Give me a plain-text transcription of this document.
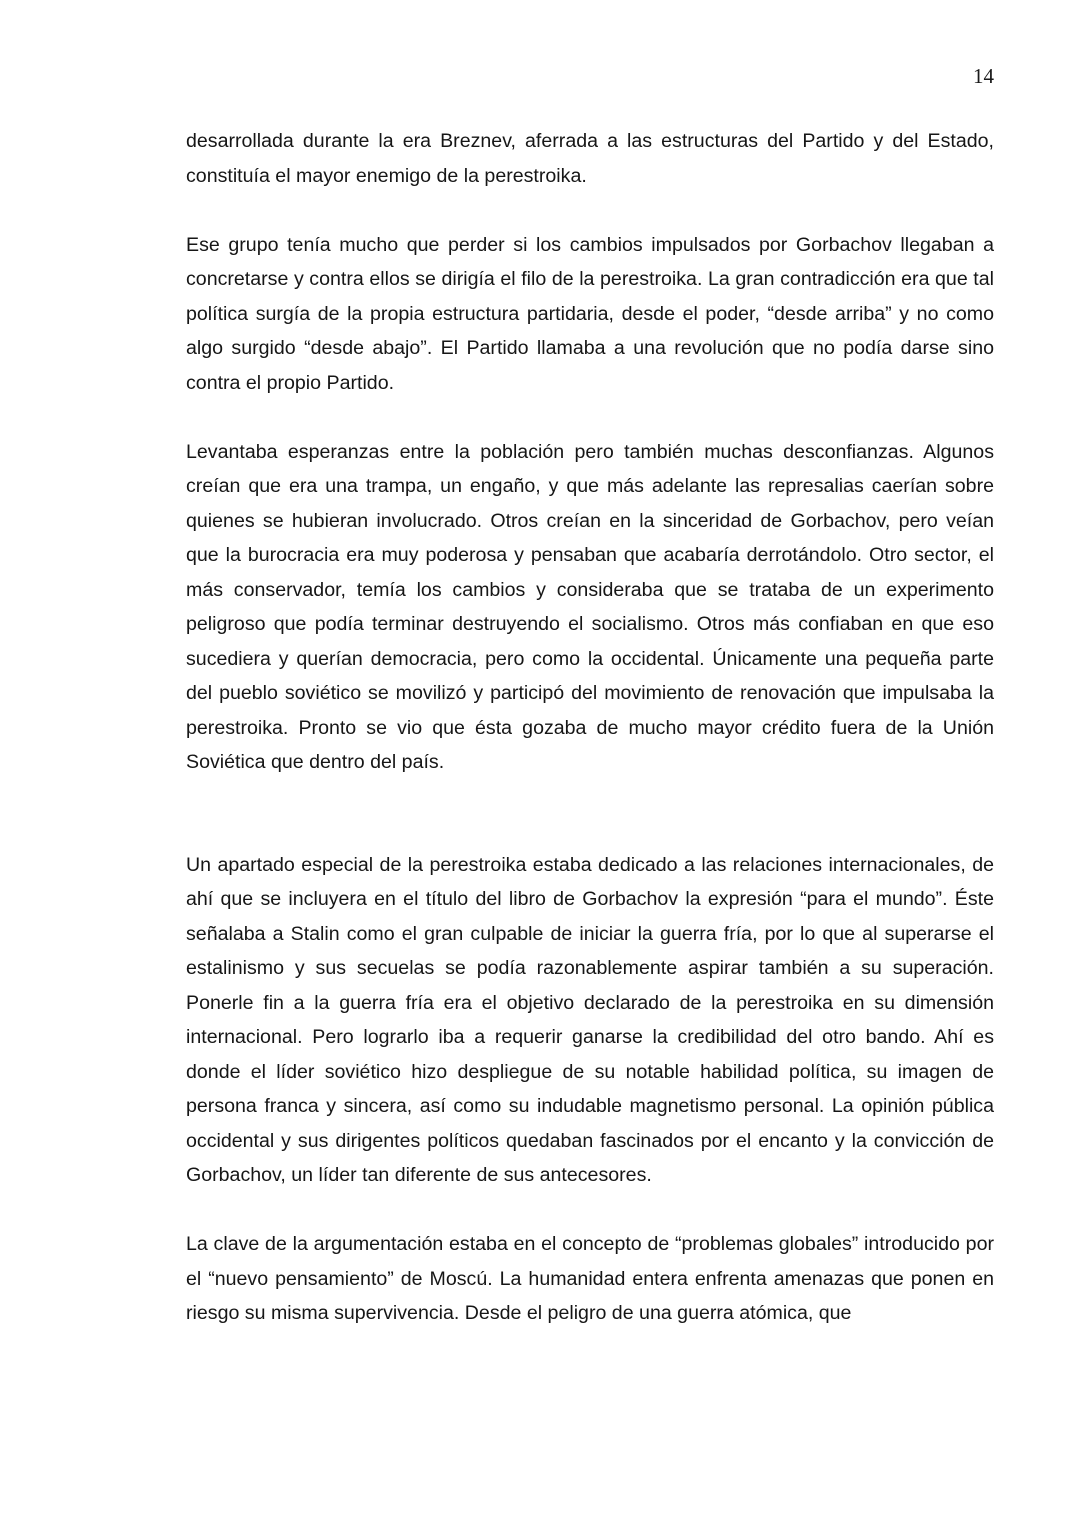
14

desarrollada durante la era Breznev, aferrada a las estructuras del Partido y del Estado, constituía el mayor enemigo de la perestroika.

Ese grupo tenía mucho que perder si los cambios impulsados por Gorbachov llegaban a concretarse y contra ellos se dirigía el filo de la perestroika. La gran contradicción era que tal política surgía de la propia estructura partidaria, desde el poder, “desde arriba” y no como algo surgido “desde abajo”. El Partido llamaba a una revolución que no podía darse sino contra el propio Partido.

Levantaba esperanzas entre la población pero también muchas desconfianzas. Algunos creían que era una trampa, un engaño, y que más adelante las represalias caerían sobre quienes se hubieran involucrado. Otros creían en la sinceridad de Gorbachov, pero veían que la burocracia era muy poderosa y pensaban que acabaría derrotándolo. Otro sector, el más conservador, temía los cambios y consideraba que se trataba de un experimento peligroso que podía terminar destruyendo el socialismo. Otros más confiaban en que eso sucediera y querían democracia, pero como la occidental. Únicamente una pequeña parte del pueblo soviético se movilizó y participó del movimiento de renovación que impulsaba la perestroika. Pronto se vio que ésta gozaba de mucho mayor crédito fuera de la Unión Soviética que dentro del país.

Un apartado especial de la perestroika estaba dedicado a las relaciones internacionales, de ahí que se incluyera en el título del libro de Gorbachov la expresión “para el mundo”. Éste señalaba a Stalin como el gran culpable de iniciar la guerra fría, por lo que al superarse el estalinismo y sus secuelas se podía razonablemente aspirar también a su superación. Ponerle fin a la guerra fría era el objetivo declarado de la perestroika en su dimensión internacional. Pero lograrlo iba a requerir ganarse la credibilidad del otro bando. Ahí es donde el líder soviético hizo despliegue de su notable habilidad política, su imagen de persona franca y sincera, así como su indudable magnetismo personal. La opinión pública occidental y sus dirigentes políticos quedaban fascinados por el encanto y la convicción de Gorbachov, un líder tan diferente de sus antecesores.

La clave de la argumentación estaba en el concepto de “problemas globales” introducido por el “nuevo pensamiento” de Moscú. La humanidad entera enfrenta amenazas que ponen en riesgo su misma supervivencia. Desde el peligro de una guerra atómica, que
